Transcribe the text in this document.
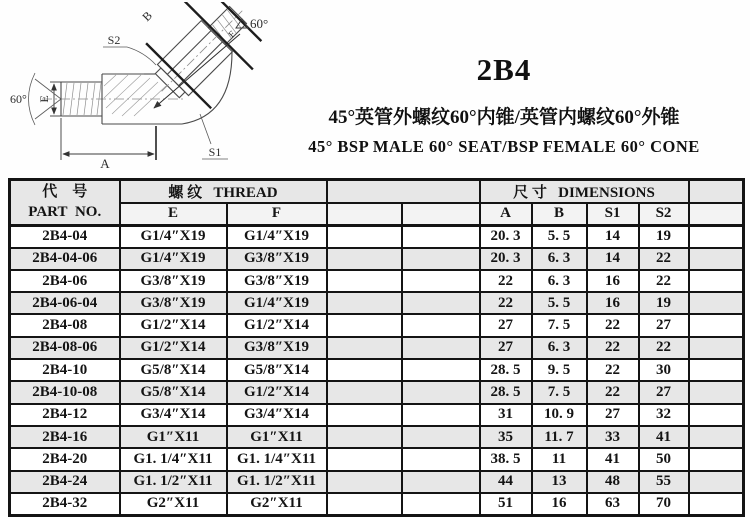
E
60°
A
S2
B
F
60°
S1
2B4
45°英管外螺纹60°内锥/英管内螺纹60°外锥
45° BSP MALE 60° SEAT/BSP FEMALE 60° CONE
代　号
PART  NO.	螺 纹   THREAD				尺 寸   DIMENSIONS				
	E	F			A	B	S1	S2	
2B4-04	G1/4″X19	G1/4″X19			20. 3	5. 5	14	19	
2B4-04-06	G1/4″X19	G3/8″X19			20. 3	6. 3	14	22	
2B4-06	G3/8″X19	G3/8″X19			22	6. 3	16	22	
2B4-06-04	G3/8″X19	G1/4″X19			22	5. 5	16	19	
2B4-08	G1/2″X14	G1/2″X14			27	7. 5	22	27	
2B4-08-06	G1/2″X14	G3/8″X19			27	6. 3	22	22	
2B4-10	G5/8″X14	G5/8″X14			28. 5	9. 5	22	30	
2B4-10-08	G5/8″X14	G1/2″X14			28. 5	7. 5	22	27	
2B4-12	G3/4″X14	G3/4″X14			31	10. 9	27	32	
2B4-16	G1″X11	G1″X11			35	11. 7	33	41	
2B4-20	G1. 1/4″X11	G1. 1/4″X11			38. 5	11	41	50	
2B4-24	G1. 1/2″X11	G1. 1/2″X11			44	13	48	55	
2B4-32	G2″X11	G2″X11			51	16	63	70	
